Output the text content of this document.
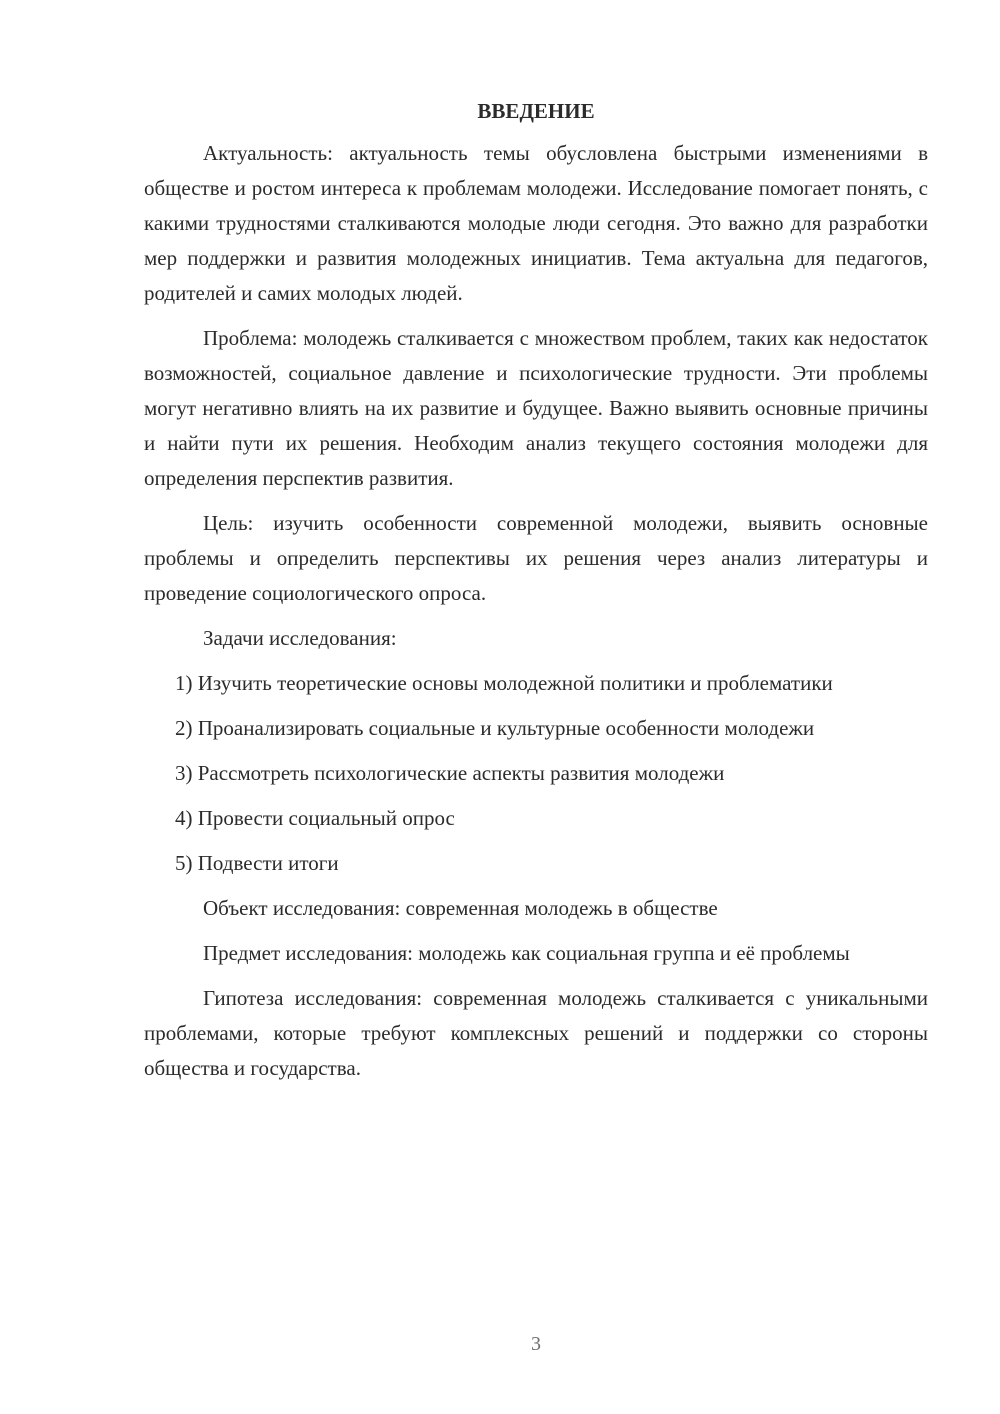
ВВЕДЕНИЕ

Актуальность: актуальность темы обусловлена быстрыми изменениями в обществе и ростом интереса к проблемам молодежи. Исследование помогает понять, с какими трудностями сталкиваются молодые люди сегодня. Это важно для разработки мер поддержки и развития молодежных инициатив. Тема актуальна для педагогов, родителей и самих молодых людей.

Проблема: молодежь сталкивается с множеством проблем, таких как недостаток возможностей, социальное давление и психологические трудности. Эти проблемы могут негативно влиять на их развитие и будущее. Важно выявить основные причины и найти пути их решения. Необходим анализ текущего состояния молодежи для определения перспектив развития.

Цель: изучить особенности современной молодежи, выявить основные проблемы и определить перспективы их решения через анализ литературы и проведение социологического опроса.

Задачи исследования:

1) Изучить теоретические основы молодежной политики и проблематики

2) Проанализировать социальные и культурные особенности молодежи

3) Рассмотреть психологические аспекты развития молодежи

4) Провести социальный опрос

5) Подвести итоги

Объект исследования: современная молодежь в обществе

Предмет исследования: молодежь как социальная группа и её проблемы

Гипотеза исследования: современная молодежь сталкивается с уникальными проблемами, которые требуют комплексных решений и поддержки со стороны общества и государства.

3
